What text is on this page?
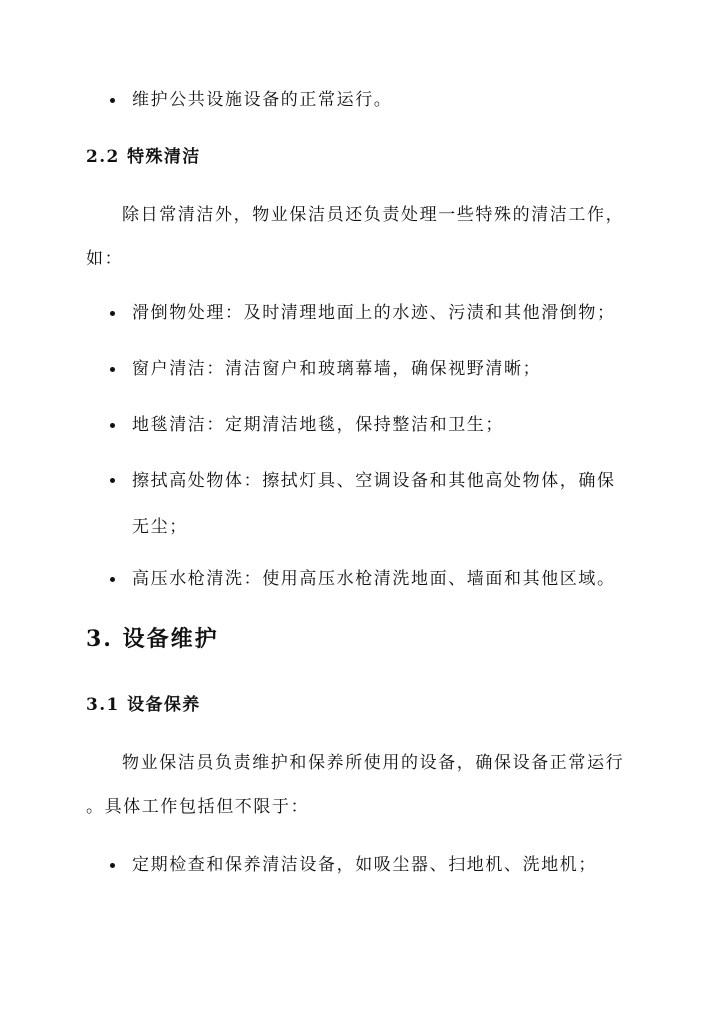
维护公共设施设备的正常运行。
2.2 特殊清洁
除日常清洁外，物业保洁员还负责处理一些特殊的清洁工作，
如：
滑倒物处理：及时清理地面上的水迹、污渍和其他滑倒物；
窗户清洁：清洁窗户和玻璃幕墙，确保视野清晰；
地毯清洁：定期清洁地毯，保持整洁和卫生；
擦拭高处物体：擦拭灯具、空调设备和其他高处物体，确保无尘；
高压水枪清洗：使用高压水枪清洗地面、墙面和其他区域。
3. 设备维护
3.1 设备保养
物业保洁员负责维护和保养所使用的设备，确保设备正常运行
。具体工作包括但不限于：
定期检查和保养清洁设备，如吸尘器、扫地机、洗地机；
